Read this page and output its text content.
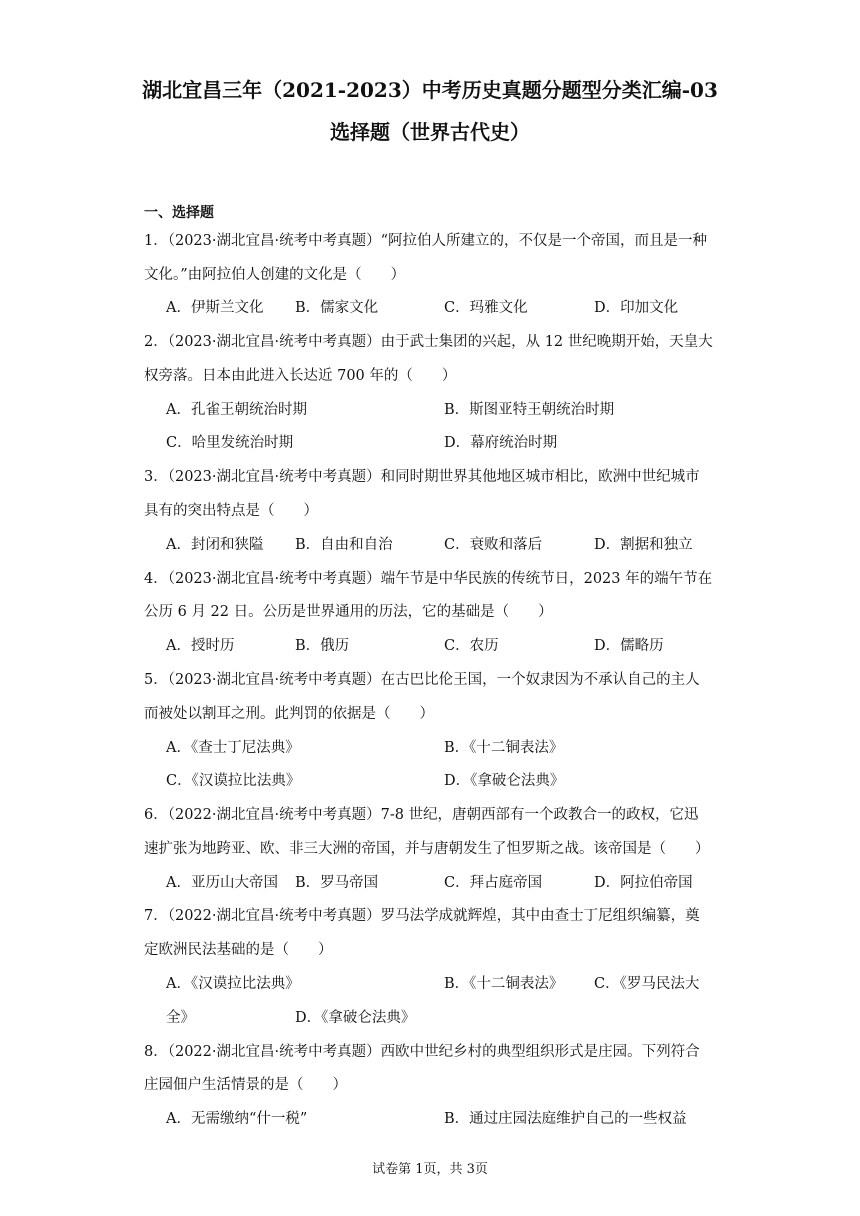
湖北宜昌三年（2021-2023）中考历史真题分题型分类汇编-03
选择题（世界古代史）
一、选择题
1．（2023·湖北宜昌·统考中考真题）“阿拉伯人所建立的，不仅是一个帝国，而且是一种
文化。”由阿拉伯人创建的文化是（　　）
A．伊斯兰文化 B．儒家文化	C．玛雅文化	D．印加文化
2．（2023·湖北宜昌·统考中考真题）由于武士集团的兴起，从 12 世纪晚期开始，天皇大
权旁落。日本由此进入长达近 700 年的（　　）
A．孔雀王朝统治时期	B．斯图亚特王朝统治时期
C．哈里发统治时期	D．幕府统治时期
3．（2023·湖北宜昌·统考中考真题）和同时期世界其他地区城市相比，欧洲中世纪城市
具有的突出特点是（　　）
A．封闭和狭隘 B．自由和自治	C．衰败和落后	D．割据和独立
4．（2023·湖北宜昌·统考中考真题）端午节是中华民族的传统节日，2023 年的端午节在
公历 6 月 22 日。公历是世界通用的历法，它的基础是（　　）
A．授时历	B．俄历	C．农历	D．儒略历
5．（2023·湖北宜昌·统考中考真题）在古巴比伦王国，一个奴隶因为不承认自己的主人
而被处以割耳之刑。此判罚的依据是（　　）
A．《查士丁尼法典》	B．《十二铜表法》
C．《汉谟拉比法典》	D．《拿破仑法典》
6．（2022·湖北宜昌·统考中考真题）7-8 世纪，唐朝西部有一个政教合一的政权，它迅
速扩张为地跨亚、欧、非三大洲的帝国，并与唐朝发生了怛罗斯之战。该帝国是（　　）
A．亚历山大帝国 B．罗马帝国	C．拜占庭帝国	D．阿拉伯帝国
7．（2022·湖北宜昌·统考中考真题）罗马法学成就辉煌，其中由查士丁尼组织编纂，奠
定欧洲民法基础的是（　　）
A．《汉谟拉比法典》	B．《十二铜表法》 C．《罗马民法大
全》	D．《拿破仑法典》
8．（2022·湖北宜昌·统考中考真题）西欧中世纪乡村的典型组织形式是庄园。下列符合
庄园佃户生活情景的是（　　）
A．无需缴纳“什一税”	B．通过庄园法庭维护自己的一些权益
试卷第 1页，共 3页
